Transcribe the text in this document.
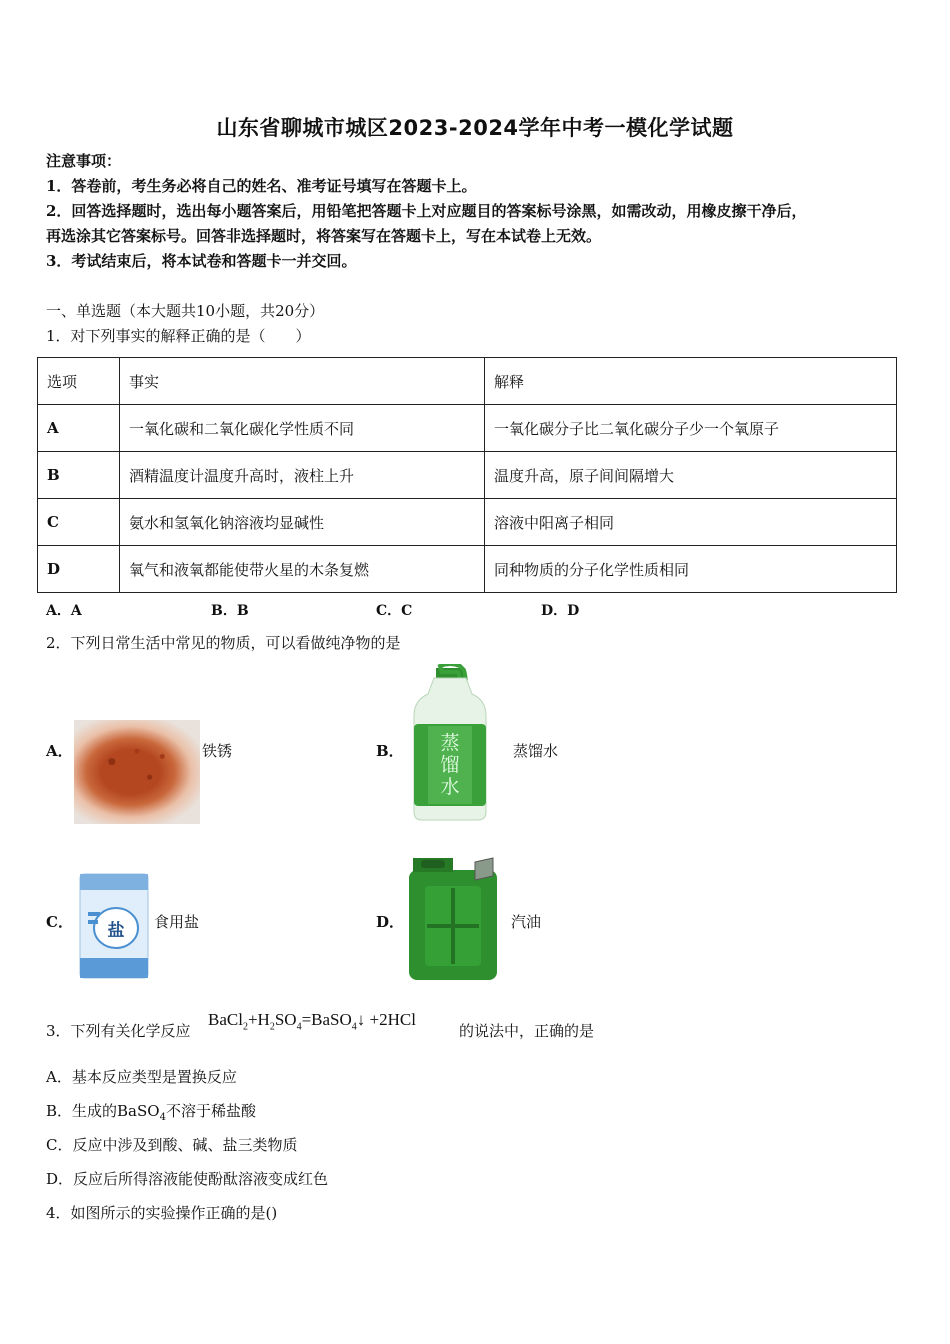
山东省聊城市城区2023-2024学年中考一模化学试题
注意事项：
1．答卷前，考生务必将自己的姓名、准考证号填写在答题卡上。
2．回答选择题时，选出每小题答案后，用铅笔把答题卡上对应题目的答案标号涂黑，如需改动，用橡皮擦干净后，
再选涂其它答案标号。回答非选择题时，将答案写在答题卡上，写在本试卷上无效。
3．考试结束后，将本试卷和答题卡一并交回。
一、单选题（本大题共10小题，共20分）
1．对下列事实的解释正确的是（　　）
选项	事实	解释
A	一氧化碳和二氧化碳化学性质不同	一氧化碳分子比二氧化碳分子少一个氧原子
B	酒精温度计温度升高时，液柱上升	温度升高，原子间间隔增大
C	氨水和氢氧化钠溶液均显碱性	溶液中阳离子相同
D	氧气和液氧都能使带火星的木条复燃	同种物质的分子化学性质相同
A．A	B．B	C．C	D．D
2．下列日常生活中常见的物质，可以看做纯净物的是
A．	铁锈	B．	蒸
馏
水
蒸馏水
C． 盐 食用盐	D．	汽油
3．下列有关化学反应
$BaCl_2+H_2SO_4=BaSO_4↓ +2HCl$
的说法中，正确的是
A．基本反应类型是置换反应
B．生成的BaSO$_4$不溶于稀盐酸
C．反应中涉及到酸、碱、盐三类物质
D．反应后所得溶液能使酚酞溶液变成红色
4．如图所示的实验操作正确的是()
